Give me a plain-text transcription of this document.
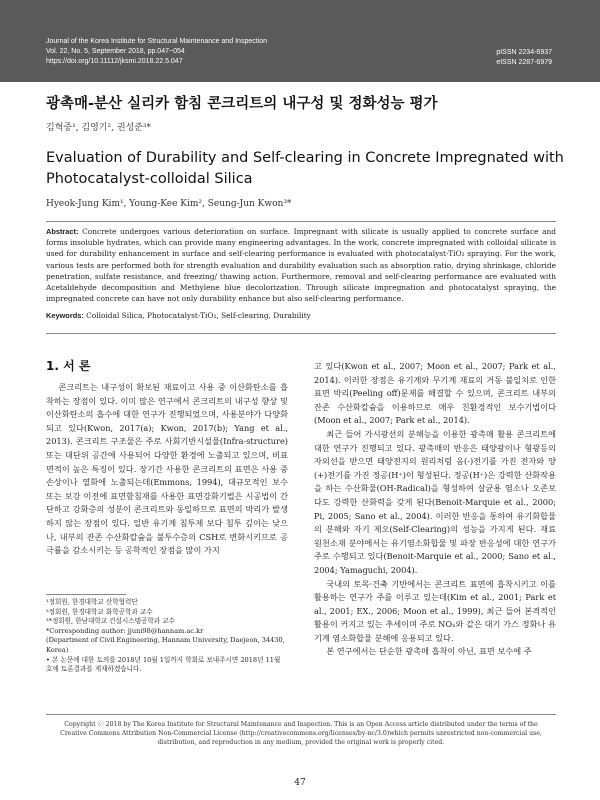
Journal of the Korea Institute for Structural Maintenance and Inspection
Vol. 22, No. 5, September 2018, pp.047~054
https://doi.org/10.11112/jksmi.2018.22.5.047
pISSN 2234-6937
eISSN 2287-6979
광촉매-분산 실리카 함침 콘크리트의 내구성 및 정화성능 평가
김혁중¹, 김영기², 권성준³*
Evaluation of Durability and Self-clearing in Concrete Impregnated with
Photocatalyst-colloidal Silica
Hyeok-Jung Kim¹, Young-Kee Kim², Seung-Jun Kwon³*
Abstract: Concrete undergoes various deterioration on surface. Impregnant with silicate is usually applied to concrete surface and forms insoluble hydrates, which can provide many engineering advantages. In the work, concrete impregnated with colloidal silicate is used for durability enhancement in surface and self-clearing performance is evaluated with photocatalyst-TiO₂ spraying. For the work, various tests are performed both for strength evaluation and durability evaluation such as absorption ratio, drying shrinkage, chloride penetration, sulfate resistance, and freezing/ thawing action. Furthermore, removal and self-clearing performance are evaluated with Acetaldehyde decomposition and Methylene blue decolorization. Through silicate impregnation and photocatalyst spraying, the impregnated concrete can have not only durability enhance but also self-clearing performance.
Keywords: Colloidal Silica, Photocatalyst-TiO₂, Self-clearing, Durability
1. 서 론

콘크리트는 내구성이 확보된 재료이고 사용 중 이산화탄소를 흡착하는 장점이 있다. 이미 많은 연구에서 콘크리트의 내구성 향상 및 이산화탄소의 흡수에 대한 연구가 진행되었으며, 사용분야가 다양화되고 있다(Kwon, 2017(a); Kwon, 2017(b); Yang et al., 2013). 콘크리트 구조물은 주로 사회기반시설물(Infra-structure) 또는 대단위 공간에 사용되어 다양한 환경에 노출되고 있으며, 비표면적이 높은 특징이 있다. 장기간 사용한 콘크리트의 표면은 사용 중 손상이나 열화에 노출되는데(Emmons, 1994), 대규모적인 보수 또는 보강 이전에 표면함침재를 사용한 표면강화기법은 시공법이 간단하고 강화층의 성분이 콘크리트와 동일하므로 표면의 박리가 발생하지 않는 장점이 있다. 일반 유기계 침투제 보다 침투 깊이는 낮으나, 내부의 잔존 수산화칼슘을 불투수층의 CSH로 변화시키므로 공극률을 감소시키는 등 공학적인 장점을 많이 가지

고 있다(Kwon et al., 2007; Moon et al., 2007; Park et al., 2014). 이러한 장점은 유기계와 무기계 재료의 거동 불일치로 인한 표면 박리(Peeling off)문제를 해결할 수 있으며, 콘크리트 내부의 잔존 수산화칼슘을 이용하므로 매우 친환경적인 보수기법이다(Moon et al., 2007; Park et al., 2014).

최근 들어 가시광선의 분해능을 이용한 광촉매 활용 콘크리트에 대한 연구가 진행되고 있다. 광촉매의 반응은 태양광이나 형광등의 자외선을 받으면 태양전지의 원리처럼 음(-)전기를 가진 전자와 양(+)전기를 가진 정공(H⁺)이 형성된다. 정공(H⁺)은 강력한 산화작용을 하는 수산화물(OH-Radical)을 형성하여 살균용 염소나 오존보다도 강력한 산화력을 갖게 된다(Benoit-Marquie et al., 2000; Pi, 2005; Sano et al., 2004). 이러한 반응을 통하여 유기화합물의 분해와 자기 제오(Self-Clearing)의 성능을 가지게 된다. 재료 원천소재 분야에서는 유기염소화합물 및 파장 반응성에 대한 연구가 주로 수행되고 있다(Benoit-Marquie et al., 2000; Sano et al., 2004; Yamaguchi, 2004).

국내의 토목·건축 기반에서는 콘크리트 표면에 흡착시키고 이를 활용하는 연구가 주를 이루고 있는데(Kim et al., 2001; Park et al., 2001; EX., 2006; Moon et al., 1999), 최근 들어 본격적인 활용이 커지고 있는 추세이며 주로 NOₓ와 같은 대기 가스 정화나 유기계 염소화합물 분해에 응용되고 있다.

본 연구에서는 단순한 광촉매 흡착이 아닌, 표면 보수에 주

¹정회원, 한경대학교 산학협력단
²정회원, 한경대학교 화학공학과 교수
³*정회원, 한남대학교 건설시스템공학과 교수
*Corresponding author: jjuni98@hannam.ac.kr
(Department of Civil Engineering, Hannam University, Daejeon, 34430, Korea)
• 본 논문에 대한 토의를 2018년 10월 1일까지 학회로 보내주시면 2018년 11월호에 토론결과를 게재하겠습니다.
Copyright ⓒ 2018 by The Korea Institute for Structural Maintenance and Inspection. This is an Open Access article distributed under the terms of the Creative Commons Attribution Non-Commercial License (http://creativecommons.org/licenses/by-nc/3.0)which permits unrestricted non-commercial use, distribution, and reproduction in any medium, provided the original work is properly cited.
47
